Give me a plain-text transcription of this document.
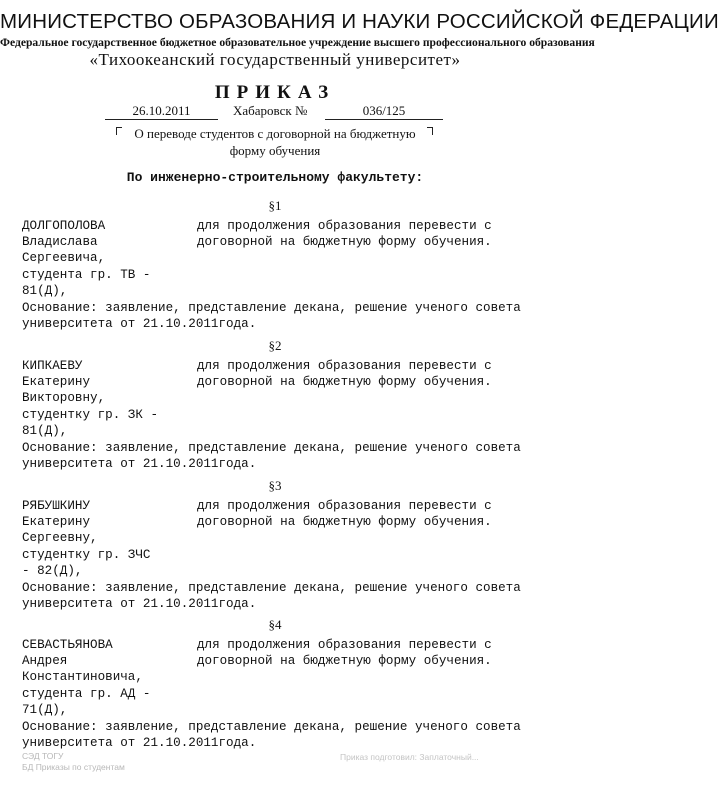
МИНИСТЕРСТВО ОБРАЗОВАНИЯ И НАУКИ РОССИЙСКОЙ ФЕДЕРАЦИИ
Федеральное государственное бюджетное образовательное учреждение высшего профессионального образования
«Тихоокеанский государственный университет»
ПРИКАЗ
26.10.2011	Хабаровск №	036/125
О переводе студентов с договорной на бюджетную форму обучения
По инженерно-строительному факультету:
§1
ДОЛГОПОЛОВА
Владислава
Сергеевича,
студента гр. ТВ -
81(Д),
для продолжения образования перевести с
договорной на бюджетную форму обучения.
Основание: заявление, представление декана, решение ученого совета
университета от 21.10.2011года.
§2
КИПКАЕВУ
Екатерину
Викторовну,
студентку гр. ЗК -
81(Д),
для продолжения образования перевести с
договорной на бюджетную форму обучения.
Основание: заявление, представление декана, решение ученого совета
университета от 21.10.2011года.
§3
РЯБУШКИНУ
Екатерину
Сергеевну,
студентку гр. ЗЧС
- 82(Д),
для продолжения образования перевести с
договорной на бюджетную форму обучения.
Основание: заявление, представление декана, решение ученого совета
университета от 21.10.2011года.
§4
СЕВАСТЬЯНОВА
Андрея
Константиновича,
студента гр. АД -
71(Д),
для продолжения образования перевести с
договорной на бюджетную форму обучения.
Основание: заявление, представление декана, решение ученого совета
университета от 21.10.2011года.
СЭД ТОГУ
БД Приказы по студентам
Приказ подготовил: Заплаточный...
